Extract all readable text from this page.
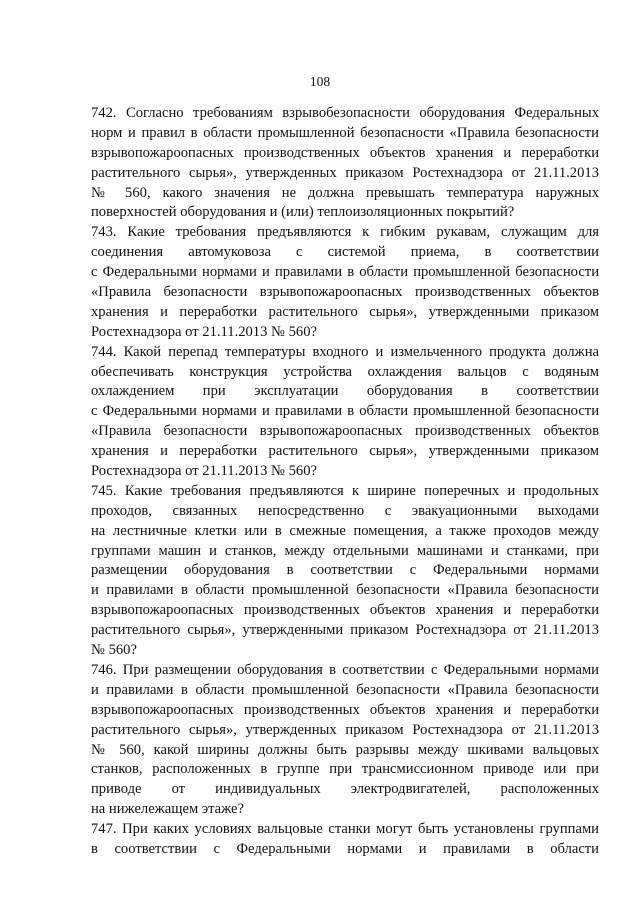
108
742. Согласно требованиям взрывобезопасности оборудования Федеральных
норм и правил в области промышленной безопасности «Правила безопасности
взрывопожароопасных производственных объектов хранения и переработки
растительного сырья», утвержденных приказом Ростехнадзора от 21.11.2013
№ 560, какого значения не должна превышать температура наружных
поверхностей оборудования и (или) теплоизоляционных покрытий?
743. Какие требования предъявляются к гибким рукавам, служащим для
соединения автомуковоза с системой приема, в соответствии
с Федеральными нормами и правилами в области промышленной безопасности
«Правила безопасности взрывопожароопасных производственных объектов
хранения и переработки растительного сырья», утвержденными приказом
Ростехнадзора от 21.11.2013 № 560?
744. Какой перепад температуры входного и измельченного продукта должна
обеспечивать конструкция устройства охлаждения вальцов с водяным
охлаждением при эксплуатации оборудования в соответствии
с Федеральными нормами и правилами в области промышленной безопасности
«Правила безопасности взрывопожароопасных производственных объектов
хранения и переработки растительного сырья», утвержденными приказом
Ростехнадзора от 21.11.2013 № 560?
745. Какие требования предъявляются к ширине поперечных и продольных
проходов, связанных непосредственно с эвакуационными выходами
на лестничные клетки или в смежные помещения, а также проходов между
группами машин и станков, между отдельными машинами и станками, при
размещении оборудования в соответствии с Федеральными нормами
и правилами в области промышленной безопасности «Правила безопасности
взрывопожароопасных производственных объектов хранения и переработки
растительного сырья», утвержденными приказом Ростехнадзора от 21.11.2013
№ 560?
746. При размещении оборудования в соответствии с Федеральными нормами
и правилами в области промышленной безопасности «Правила безопасности
взрывопожароопасных производственных объектов хранения и переработки
растительного сырья», утвержденных приказом Ростехнадзора от 21.11.2013
№ 560, какой ширины должны быть разрывы между шкивами вальцовых
станков, расположенных в группе при трансмиссионном приводе или при
приводе от индивидуальных электродвигателей, расположенных
на нижележащем этаже?
747. При каких условиях вальцовые станки могут быть установлены группами
в соответствии с Федеральными нормами и правилами в области
